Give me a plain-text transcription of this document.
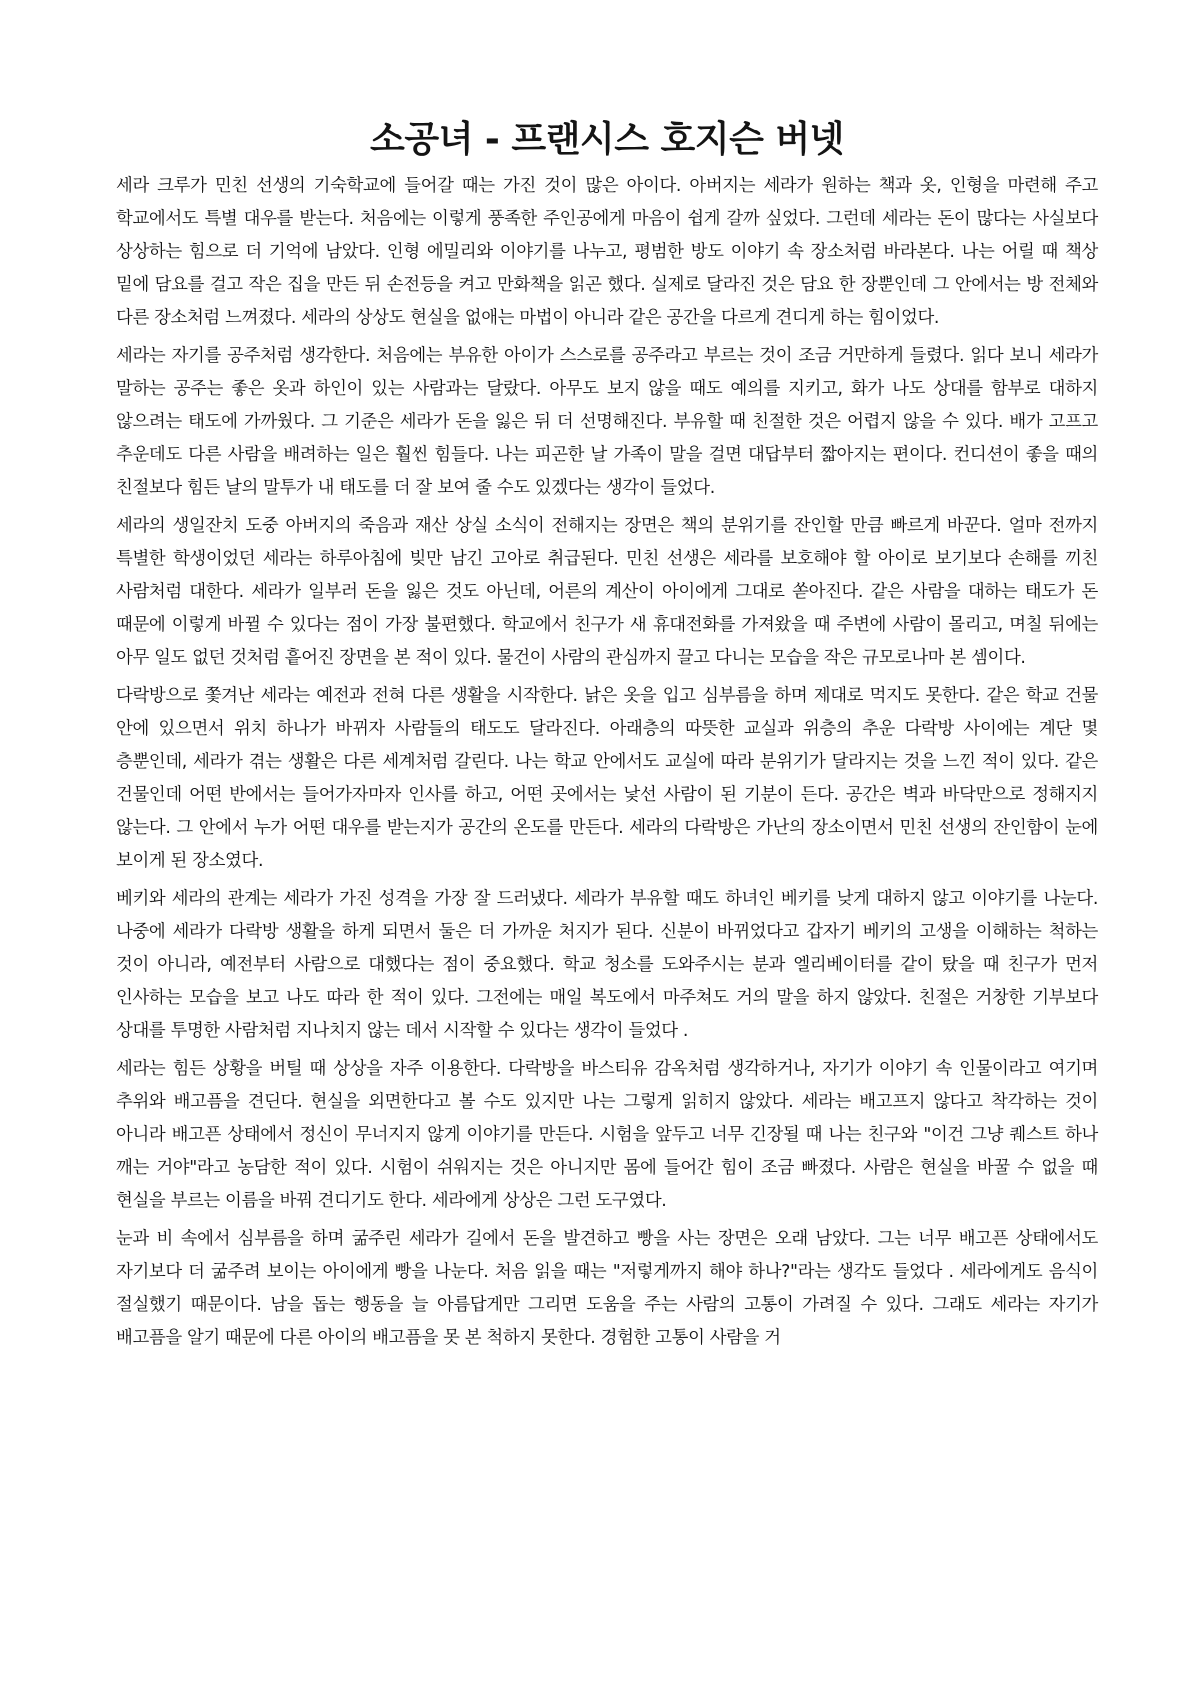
소공녀 - 프랜시스 호지슨 버넷

세라 크루가 민친 선생의 기숙학교에 들어갈 때는 가진 것이 많은 아이다. 아버지는 세라가 원하는 책과 옷, 인형을 마련해 주고 학교에서도 특별 대우를 받는다. 처음에는 이렇게 풍족한 주인공에게 마음이 쉽게 갈까 싶었다. 그런데 세라는 돈이 많다는 사실보다 상상하는 힘으로 더 기억에 남았다. 인형 에밀리와 이야기를 나누고, 평범한 방도 이야기 속 장소처럼 바라본다. 나는 어릴 때 책상 밑에 담요를 걸고 작은 집을 만든 뒤 손전등을 켜고 만화책을 읽곤 했다. 실제로 달라진 것은 담요 한 장뿐인데 그 안에서는 방 전체와 다른 장소처럼 느껴졌다. 세라의 상상도 현실을 없애는 마법이 아니라 같은 공간을 다르게 견디게 하는 힘이었다.

세라는 자기를 공주처럼 생각한다. 처음에는 부유한 아이가 스스로를 공주라고 부르는 것이 조금 거만하게 들렸다. 읽다 보니 세라가 말하는 공주는 좋은 옷과 하인이 있는 사람과는 달랐다. 아무도 보지 않을 때도 예의를 지키고, 화가 나도 상대를 함부로 대하지 않으려는 태도에 가까웠다. 그 기준은 세라가 돈을 잃은 뒤 더 선명해진다. 부유할 때 친절한 것은 어렵지 않을 수 있다. 배가 고프고 추운데도 다른 사람을 배려하는 일은 훨씬 힘들다. 나는 피곤한 날 가족이 말을 걸면 대답부터 짧아지는 편이다. 컨디션이 좋을 때의 친절보다 힘든 날의 말투가 내 태도를 더 잘 보여 줄 수도 있겠다는 생각이 들었다.

세라의 생일잔치 도중 아버지의 죽음과 재산 상실 소식이 전해지는 장면은 책의 분위기를 잔인할 만큼 빠르게 바꾼다. 얼마 전까지 특별한 학생이었던 세라는 하루아침에 빚만 남긴 고아로 취급된다. 민친 선생은 세라를 보호해야 할 아이로 보기보다 손해를 끼친 사람처럼 대한다. 세라가 일부러 돈을 잃은 것도 아닌데, 어른의 계산이 아이에게 그대로 쏟아진다. 같은 사람을 대하는 태도가 돈 때문에 이렇게 바뀔 수 있다는 점이 가장 불편했다. 학교에서 친구가 새 휴대전화를 가져왔을 때 주변에 사람이 몰리고, 며칠 뒤에는 아무 일도 없던 것처럼 흩어진 장면을 본 적이 있다. 물건이 사람의 관심까지 끌고 다니는 모습을 작은 규모로나마 본 셈이다.

다락방으로 쫓겨난 세라는 예전과 전혀 다른 생활을 시작한다. 낡은 옷을 입고 심부름을 하며 제대로 먹지도 못한다. 같은 학교 건물 안에 있으면서 위치 하나가 바뀌자 사람들의 태도도 달라진다. 아래층의 따뜻한 교실과 위층의 추운 다락방 사이에는 계단 몇 층뿐인데, 세라가 겪는 생활은 다른 세계처럼 갈린다. 나는 학교 안에서도 교실에 따라 분위기가 달라지는 것을 느낀 적이 있다. 같은 건물인데 어떤 반에서는 들어가자마자 인사를 하고, 어떤 곳에서는 낯선 사람이 된 기분이 든다. 공간은 벽과 바닥만으로 정해지지 않는다. 그 안에서 누가 어떤 대우를 받는지가 공간의 온도를 만든다. 세라의 다락방은 가난의 장소이면서 민친 선생의 잔인함이 눈에 보이게 된 장소였다.

베키와 세라의 관계는 세라가 가진 성격을 가장 잘 드러냈다. 세라가 부유할 때도 하녀인 베키를 낮게 대하지 않고 이야기를 나눈다. 나중에 세라가 다락방 생활을 하게 되면서 둘은 더 가까운 처지가 된다. 신분이 바뀌었다고 갑자기 베키의 고생을 이해하는 척하는 것이 아니라, 예전부터 사람으로 대했다는 점이 중요했다. 학교 청소를 도와주시는 분과 엘리베이터를 같이 탔을 때 친구가 먼저 인사하는 모습을 보고 나도 따라 한 적이 있다. 그전에는 매일 복도에서 마주쳐도 거의 말을 하지 않았다. 친절은 거창한 기부보다 상대를 투명한 사람처럼 지나치지 않는 데서 시작할 수 있다는 생각이 들었다 .

세라는 힘든 상황을 버틸 때 상상을 자주 이용한다. 다락방을 바스티유 감옥처럼 생각하거나, 자기가 이야기 속 인물이라고 여기며 추위와 배고픔을 견딘다. 현실을 외면한다고 볼 수도 있지만 나는 그렇게 읽히지 않았다. 세라는 배고프지 않다고 착각하는 것이 아니라 배고픈 상태에서 정신이 무너지지 않게 이야기를 만든다. 시험을 앞두고 너무 긴장될 때 나는 친구와 "이건 그냥 퀘스트 하나 깨는 거야"라고 농담한 적이 있다. 시험이 쉬워지는 것은 아니지만 몸에 들어간 힘이 조금 빠졌다. 사람은 현실을 바꿀 수 없을 때 현실을 부르는 이름을 바꿔 견디기도 한다. 세라에게 상상은 그런 도구였다.

눈과 비 속에서 심부름을 하며 굶주린 세라가 길에서 돈을 발견하고 빵을 사는 장면은 오래 남았다. 그는 너무 배고픈 상태에서도 자기보다 더 굶주려 보이는 아이에게 빵을 나눈다. 처음 읽을 때는 "저렇게까지 해야 하나?"라는 생각도 들었다 . 세라에게도 음식이 절실했기 때문이다. 남을 돕는 행동을 늘 아름답게만 그리면 도움을 주는 사람의 고통이 가려질 수 있다. 그래도 세라는 자기가 배고픔을 알기 때문에 다른 아이의 배고픔을 못 본 척하지 못한다. 경험한 고통이 사람을 거
